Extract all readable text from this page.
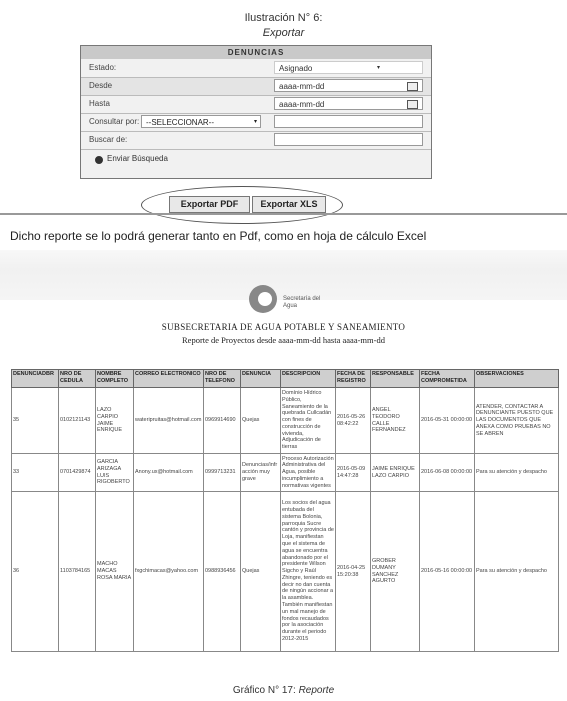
Ilustración N° 6:
Exportar
DENUNCIAS
Estado:	Asignado	▾
Desde	aaaa-mm-dd
Hasta	aaaa-mm-dd
Consultar por: --SELECCIONAR--	▾
Buscar de:
Enviar Búsqueda
Exportar PDF	Exportar XLS
Dicho reporte se lo podrá generar tanto en Pdf, como en hoja de cálculo Excel
Secretaría del
Agua
SUBSECRETARIA DE AGUA POTABLE Y SANEAMIENTO
Reporte de Proyectos desde aaaa-mm-dd hasta aaaa-mm-dd
DENUNCIADBR	NRO DE CEDULA	NOMBRE COMPLETO	CORREO ELECTRONICO	NRO DE TELEFONO	DENUNCIA	DESCRIPCION	FECHA DE REGISTRO	RESPONSABLE	FECHA COMPROMETIDA	OBSERVACIONES
35	0102121143	LAZO CARPIO JAIME ENRIQUE	wateripruitas@hotmail.com	0969914690	Quejas	Domínio Hídrico Público, Saneamiento de la quebrada Cullcadán con fines de construcción de vivienda, Adjudicación de tierras	2016-05-26 08:42:22	ANGEL TEODORO CALLE FERNANDEZ	2016-05-31 00:00:00	ATENDER, CONTACTAR A DENUNCIANTE PUESTO QUE LAS DOCUMENTOS QUE ANEXA COMO PRUEBAS NO SE ABREN
33	0701429874	GARCIA ARIZAGA LUIS RIGOBERTO	Anony.ux@hotmail.com	0999713231	Denuncias/infracción muy grave	Proceso Autorización Administrativa del Agua, posible incumplimiento a normativas vigentes	2016-05-09 14:47:28	JAIME ENRIQUE LAZO CARPIO	2016-06-08 00:00:00	Para su atención y despacho
36	1103784165	MACHO MACAS ROSA MARIA	fxgchimacas@yahoo.com	0988936456	Quejas	Los socios del agua entubada del sistema Bolonia, parroquia Sucre cantón y provincia de Loja, manifiestan que el sistema de agua se encuentra abandonado por el presidente Wilson Sigcho y Raúl Zhingre, teniendo es decir no dan cuenta de ningún accionar a la asamblea. También manifiestan un mal manejo de fondos recaudados por la asociación durante el periodo 2012-2015	2016-04-25 15:20:38	GROBER DUMANY SANCHEZ AGURTO	2016-05-16 00:00:00	Para su atención y despacho
Gráfico N° 17: Reporte
